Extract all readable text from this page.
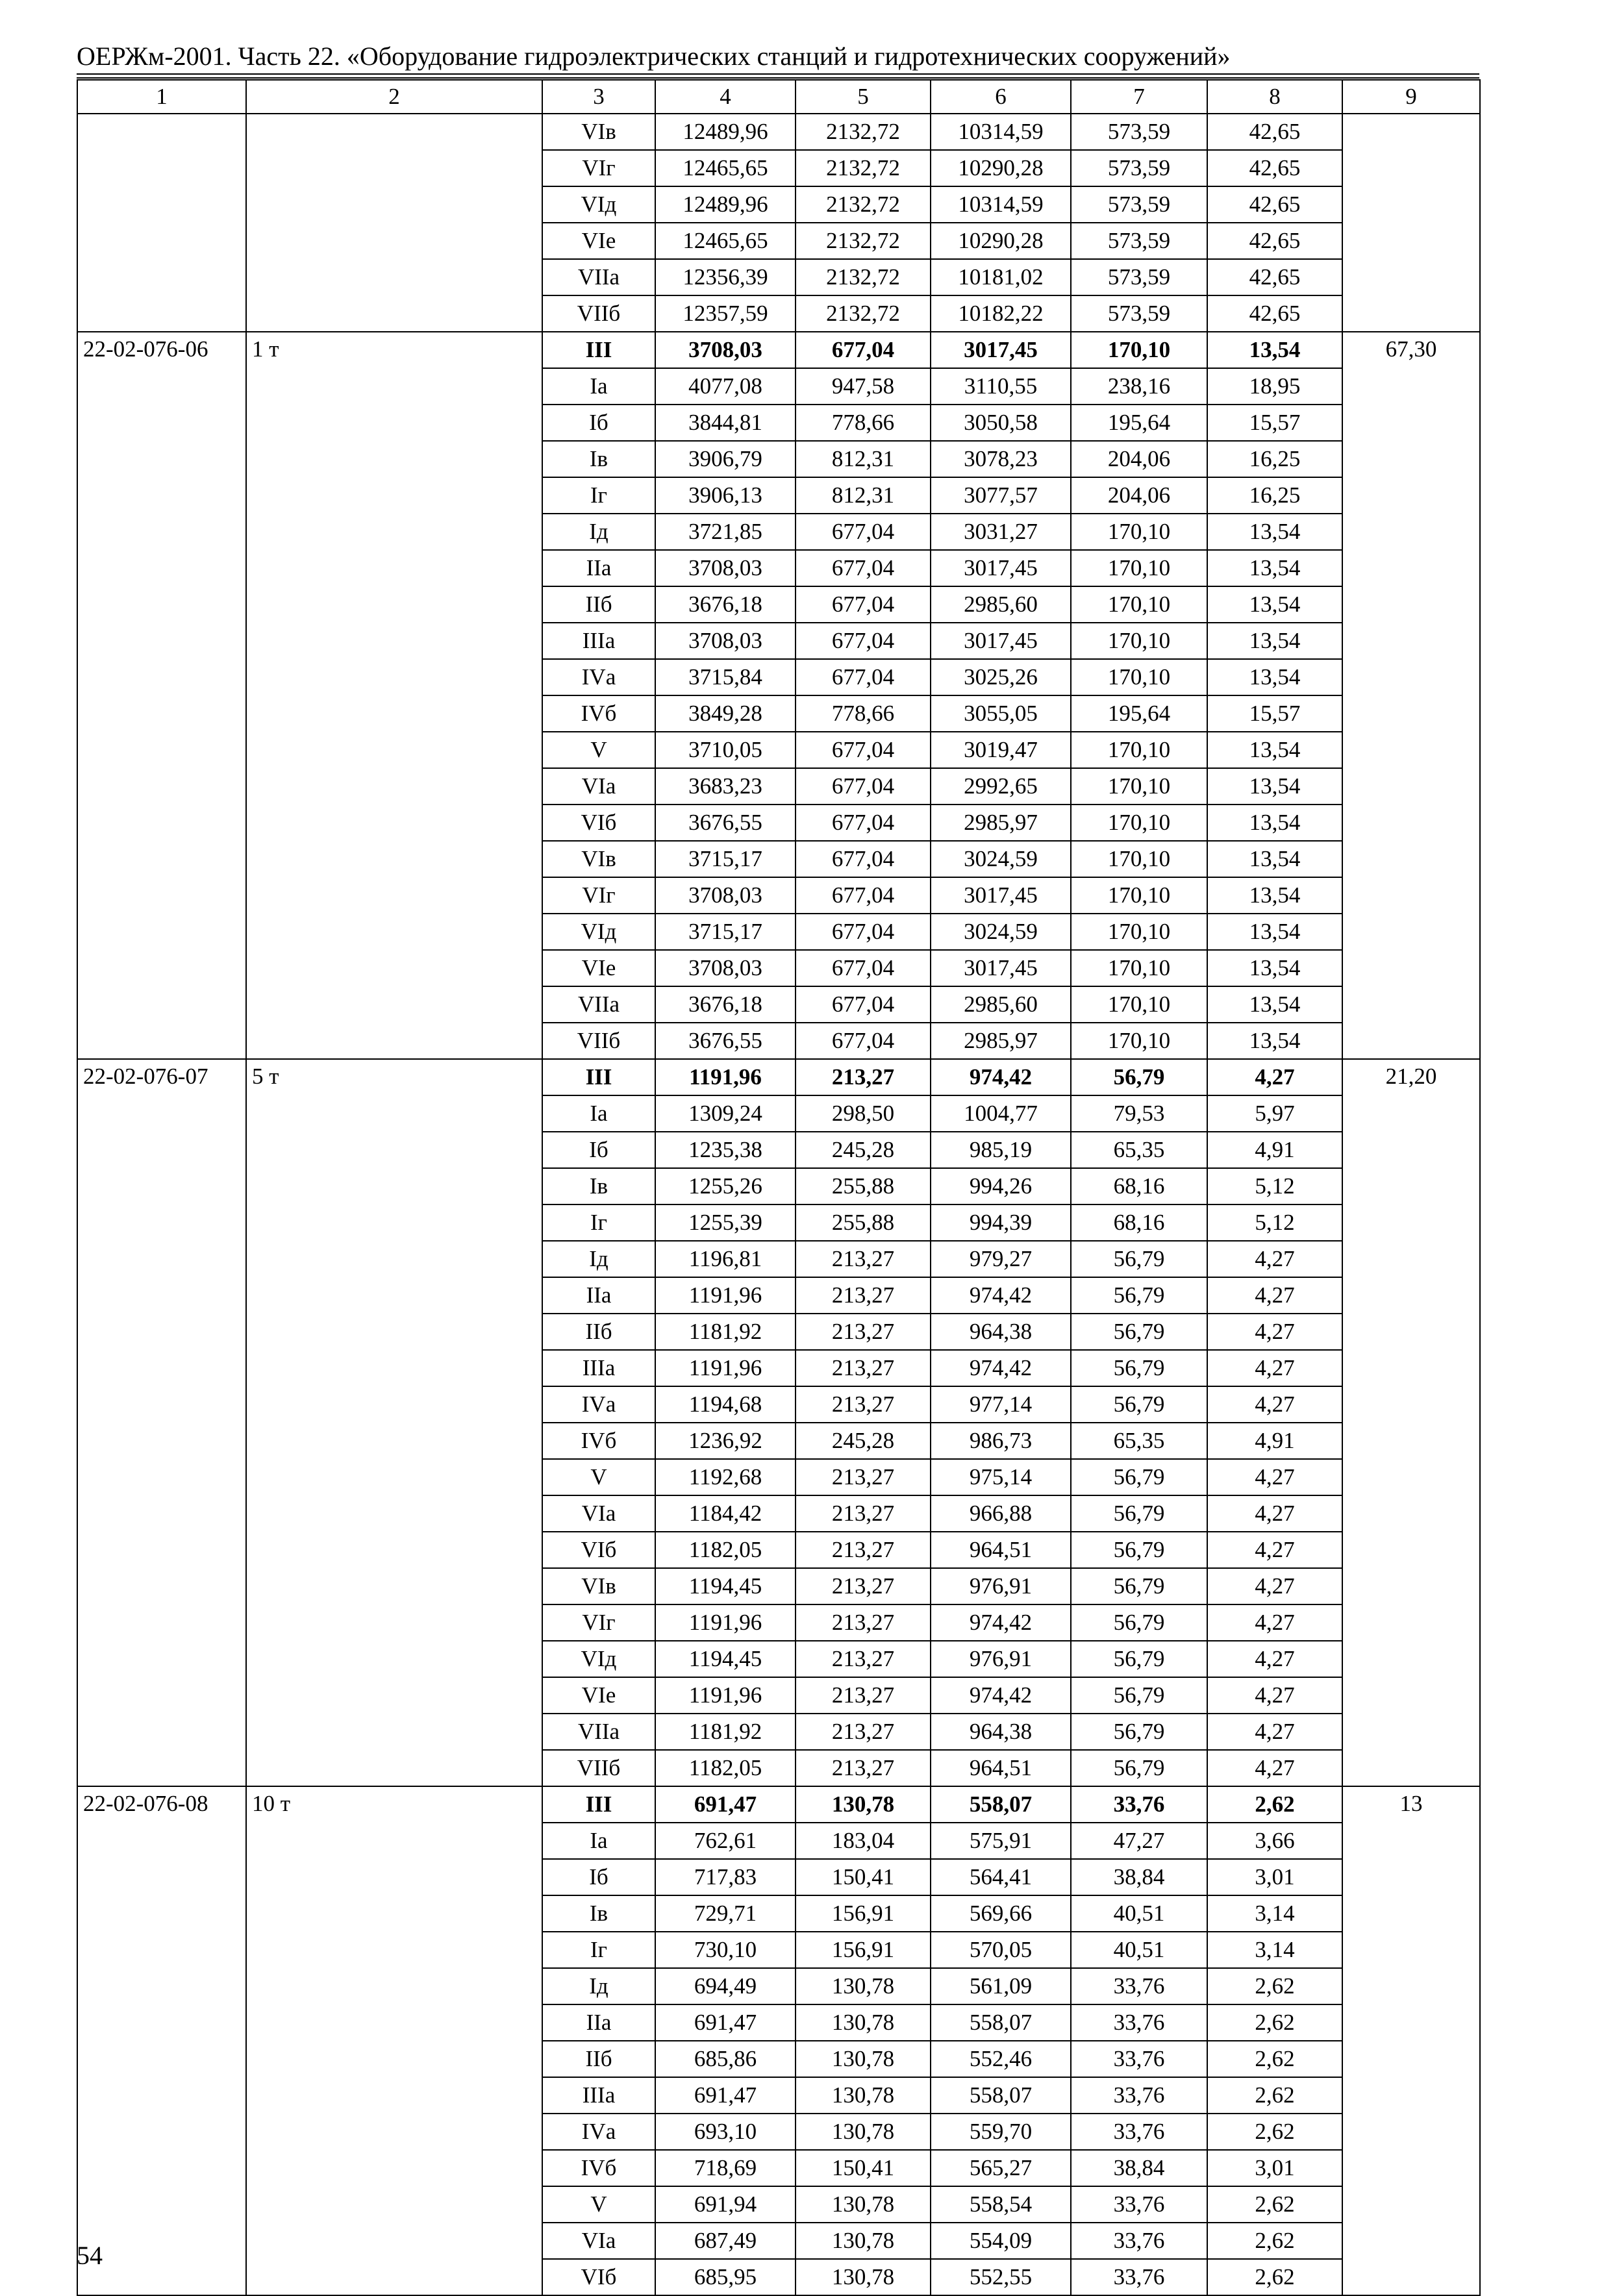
ОЕРЖм-2001. Часть 22. «Оборудование гидроэлектрических станций и гидротехнических сооружений»
1	2	3	4	5	6	7	8	9
		VIв	12489,96	2132,72	10314,59	573,59	42,65	
		VIг	12465,65	2132,72	10290,28	573,59	42,65	
		VIд	12489,96	2132,72	10314,59	573,59	42,65	
		VIе	12465,65	2132,72	10290,28	573,59	42,65	
		VIIа	12356,39	2132,72	10181,02	573,59	42,65	
		VIIб	12357,59	2132,72	10182,22	573,59	42,65	
22-02-076-06	1 т	III	3708,03	677,04	3017,45	170,10	13,54	67,30
		Iа	4077,08	947,58	3110,55	238,16	18,95	
		Iб	3844,81	778,66	3050,58	195,64	15,57	
		Iв	3906,79	812,31	3078,23	204,06	16,25	
		Iг	3906,13	812,31	3077,57	204,06	16,25	
		Iд	3721,85	677,04	3031,27	170,10	13,54	
		IIа	3708,03	677,04	3017,45	170,10	13,54	
		IIб	3676,18	677,04	2985,60	170,10	13,54	
		IIIа	3708,03	677,04	3017,45	170,10	13,54	
		IVа	3715,84	677,04	3025,26	170,10	13,54	
		IVб	3849,28	778,66	3055,05	195,64	15,57	
		V	3710,05	677,04	3019,47	170,10	13,54	
		VIа	3683,23	677,04	2992,65	170,10	13,54	
		VIб	3676,55	677,04	2985,97	170,10	13,54	
		VIв	3715,17	677,04	3024,59	170,10	13,54	
		VIг	3708,03	677,04	3017,45	170,10	13,54	
		VIд	3715,17	677,04	3024,59	170,10	13,54	
		VIе	3708,03	677,04	3017,45	170,10	13,54	
		VIIа	3676,18	677,04	2985,60	170,10	13,54	
		VIIб	3676,55	677,04	2985,97	170,10	13,54	
22-02-076-07	5 т	III	1191,96	213,27	974,42	56,79	4,27	21,20
		Iа	1309,24	298,50	1004,77	79,53	5,97	
		Iб	1235,38	245,28	985,19	65,35	4,91	
		Iв	1255,26	255,88	994,26	68,16	5,12	
		Iг	1255,39	255,88	994,39	68,16	5,12	
		Iд	1196,81	213,27	979,27	56,79	4,27	
		IIа	1191,96	213,27	974,42	56,79	4,27	
		IIб	1181,92	213,27	964,38	56,79	4,27	
		IIIа	1191,96	213,27	974,42	56,79	4,27	
		IVа	1194,68	213,27	977,14	56,79	4,27	
		IVб	1236,92	245,28	986,73	65,35	4,91	
		V	1192,68	213,27	975,14	56,79	4,27	
		VIа	1184,42	213,27	966,88	56,79	4,27	
		VIб	1182,05	213,27	964,51	56,79	4,27	
		VIв	1194,45	213,27	976,91	56,79	4,27	
		VIг	1191,96	213,27	974,42	56,79	4,27	
		VIд	1194,45	213,27	976,91	56,79	4,27	
		VIе	1191,96	213,27	974,42	56,79	4,27	
		VIIа	1181,92	213,27	964,38	56,79	4,27	
		VIIб	1182,05	213,27	964,51	56,79	4,27	
22-02-076-08	10 т	III	691,47	130,78	558,07	33,76	2,62	13
		Iа	762,61	183,04	575,91	47,27	3,66	
		Iб	717,83	150,41	564,41	38,84	3,01	
		Iв	729,71	156,91	569,66	40,51	3,14	
		Iг	730,10	156,91	570,05	40,51	3,14	
		Iд	694,49	130,78	561,09	33,76	2,62	
		IIа	691,47	130,78	558,07	33,76	2,62	
		IIб	685,86	130,78	552,46	33,76	2,62	
		IIIа	691,47	130,78	558,07	33,76	2,62	
		IVа	693,10	130,78	559,70	33,76	2,62	
		IVб	718,69	150,41	565,27	38,84	3,01	
		V	691,94	130,78	558,54	33,76	2,62	
		VIа	687,49	130,78	554,09	33,76	2,62	
		VIб	685,95	130,78	552,55	33,76	2,62	
54
